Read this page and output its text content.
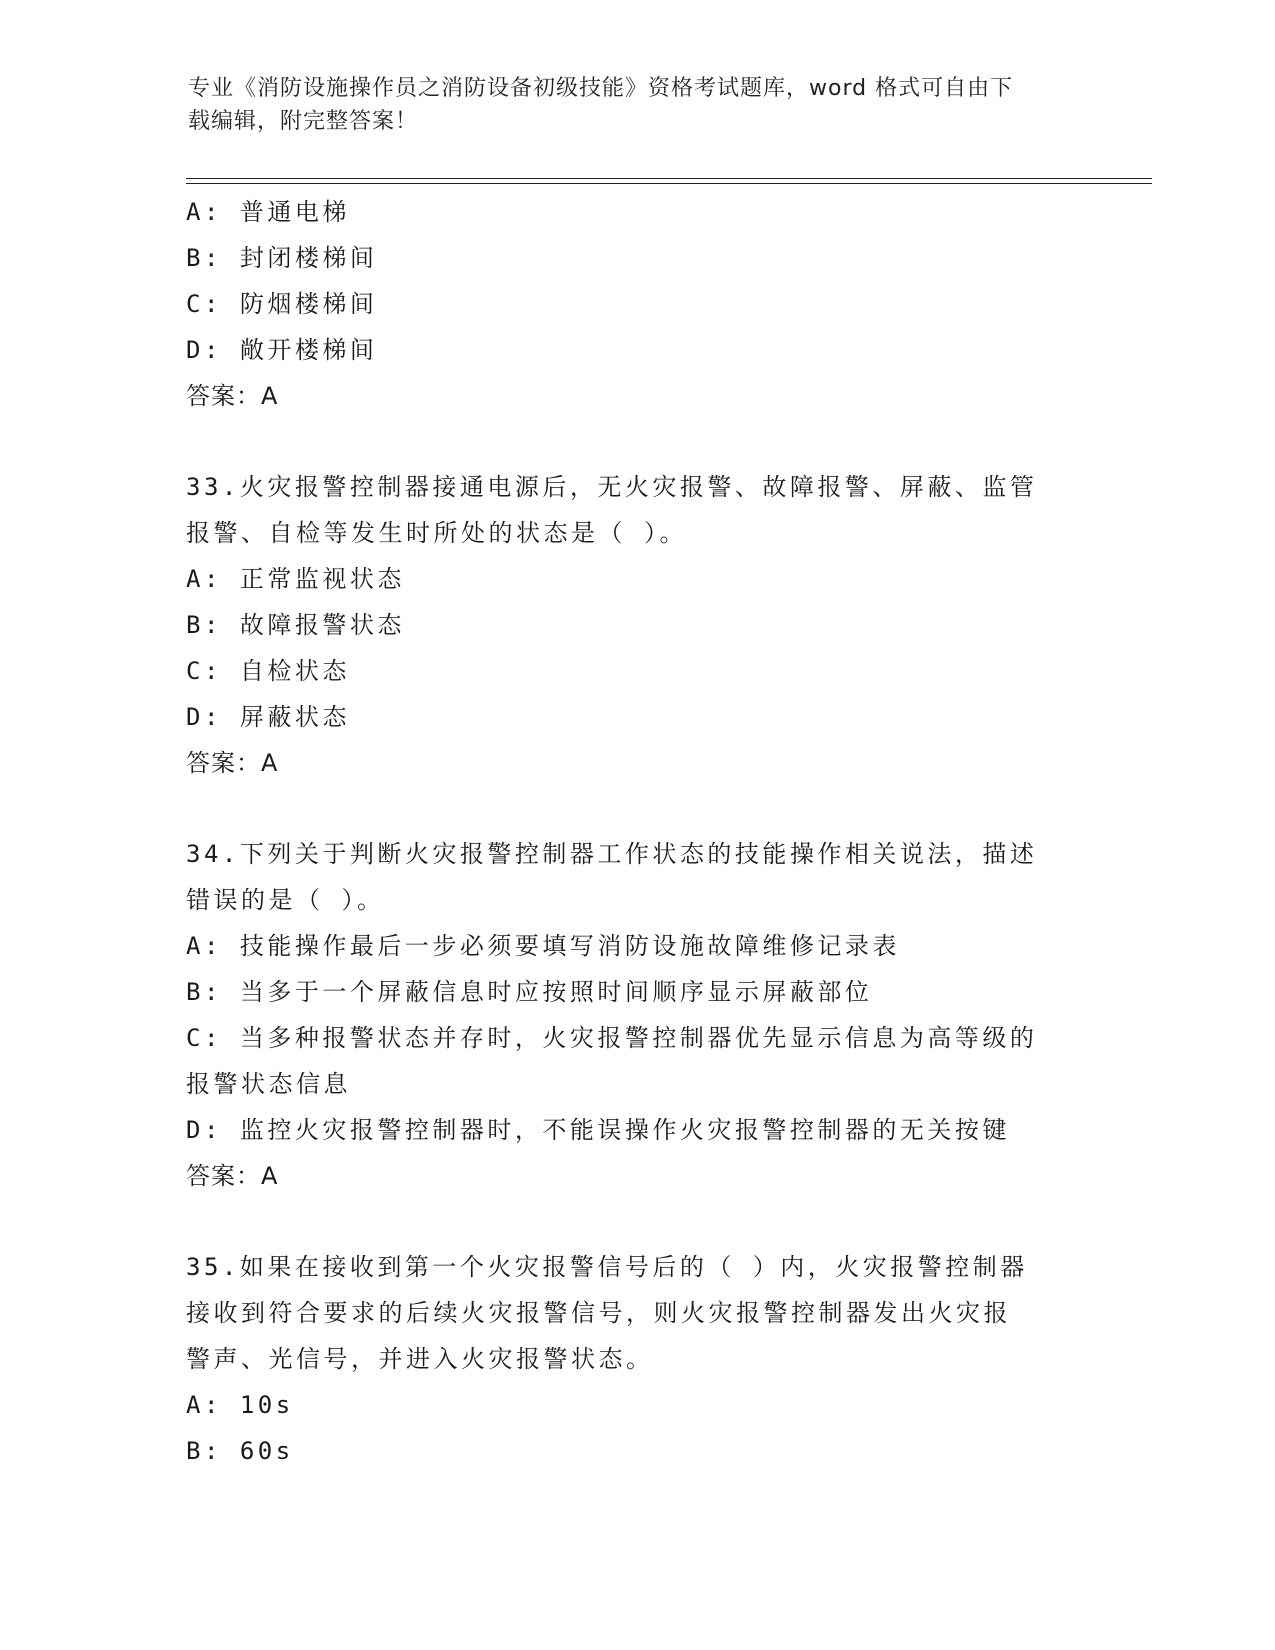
专业《消防设施操作员之消防设备初级技能》资格考试题库，word 格式可自由下
载编辑，附完整答案！
A: 普通电梯
B: 封闭楼梯间
C: 防烟楼梯间
D: 敞开楼梯间
答案：A
33.火灾报警控制器接通电源后，无火灾报警、故障报警、屏蔽、监管
报警、自检等发生时所处的状态是（ ）。
A: 正常监视状态
B: 故障报警状态
C: 自检状态
D: 屏蔽状态
答案：A
34.下列关于判断火灾报警控制器工作状态的技能操作相关说法，描述
错误的是（ ）。
A: 技能操作最后一步必须要填写消防设施故障维修记录表
B: 当多于一个屏蔽信息时应按照时间顺序显示屏蔽部位
C: 当多种报警状态并存时，火灾报警控制器优先显示信息为高等级的
报警状态信息
D: 监控火灾报警控制器时，不能误操作火灾报警控制器的无关按键
答案：A
35.如果在接收到第一个火灾报警信号后的（ ）内，火灾报警控制器
接收到符合要求的后续火灾报警信号，则火灾报警控制器发出火灾报
警声、光信号，并进入火灾报警状态。
A: 10s
B: 60s
